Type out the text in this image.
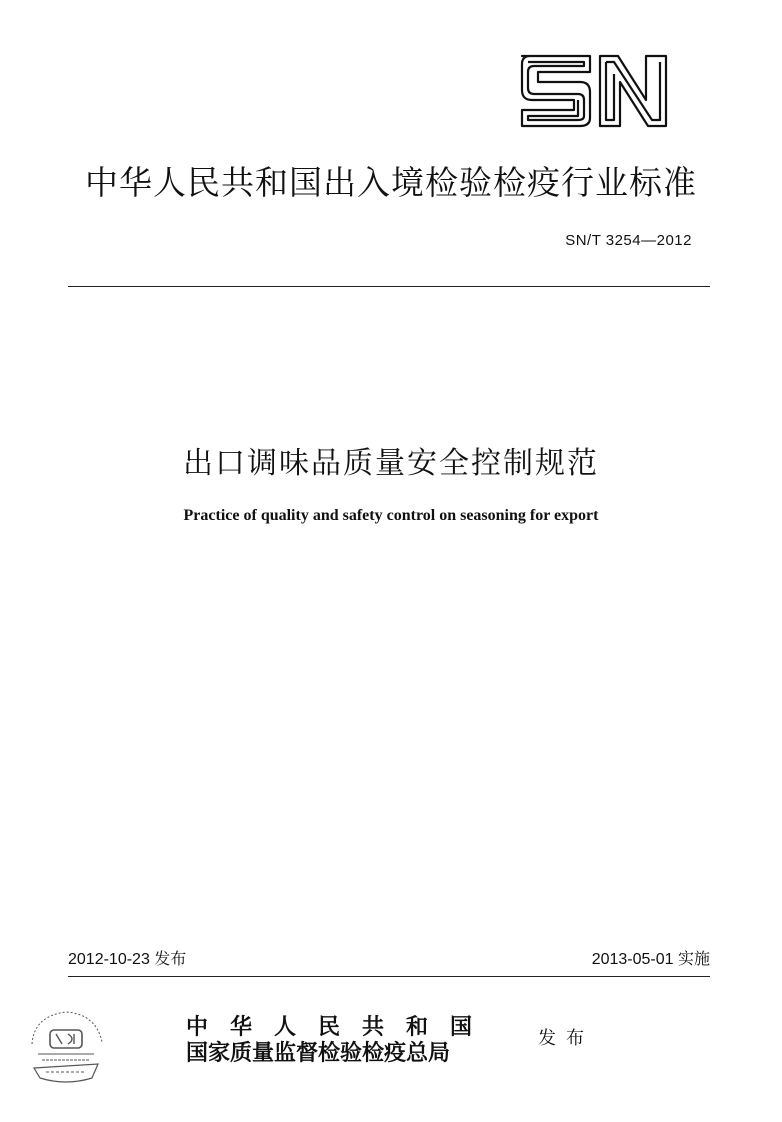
中华人民共和国出入境检验检疫行业标准
SN/T 3254—2012
出口调味品质量安全控制规范
Practice of quality and safety control on seasoning for export
2012-10-23 发布	2013-05-01 实施
中华人民共和国
国家质量监督检验检疫总局
发布
